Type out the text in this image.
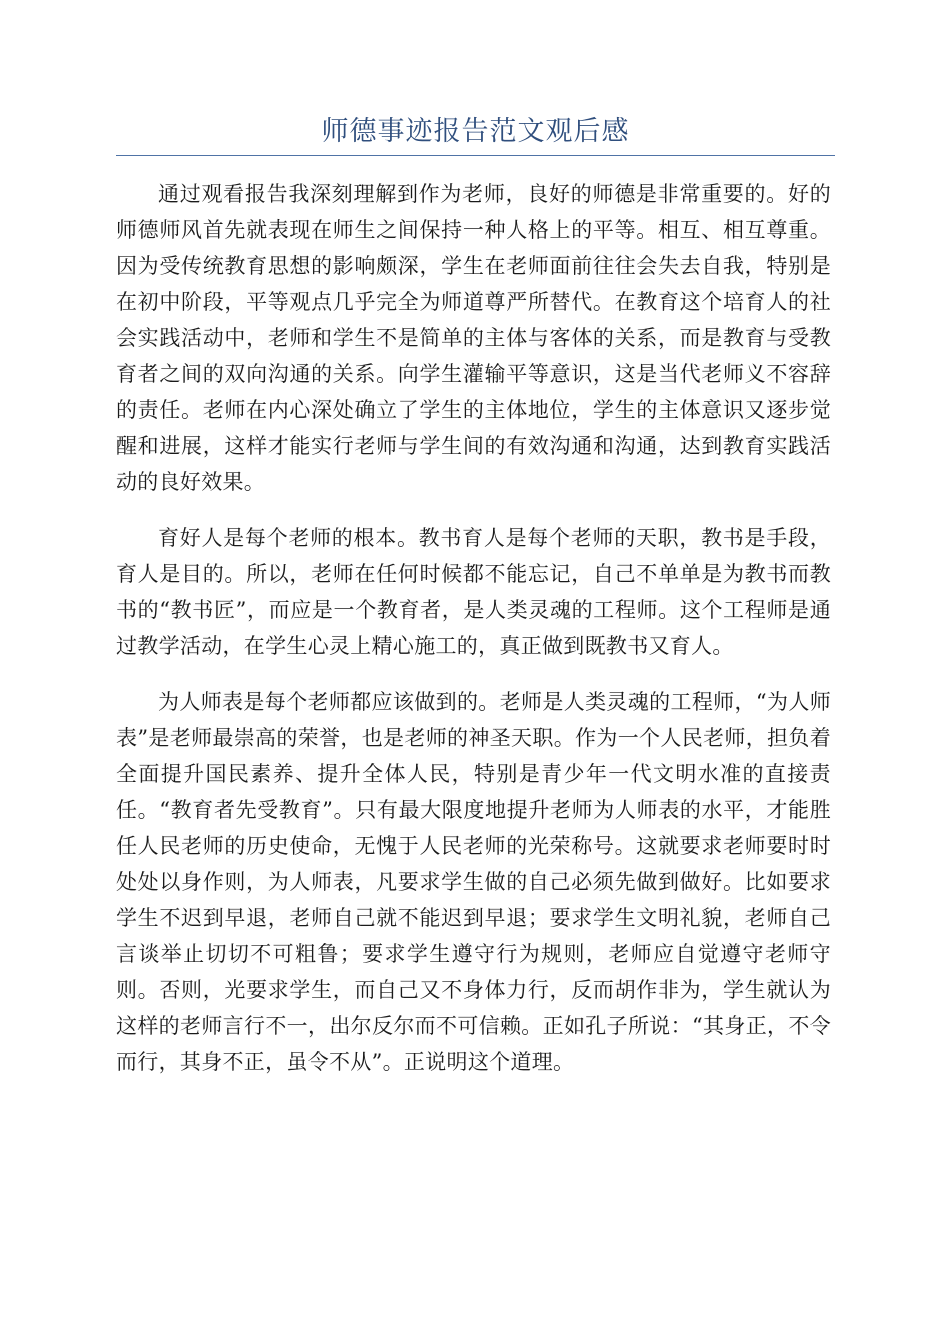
师德事迹报告范文观后感

通过观看报告我深刻理解到作为老师，良好的师德是非常重要的。好的师德师风首先就表现在师生之间保持一种人格上的平等。相互、相互尊重。因为受传统教育思想的影响颇深，学生在老师面前往往会失去自我，特别是在初中阶段，平等观点几乎完全为师道尊严所替代。在教育这个培育人的社会实践活动中，老师和学生不是简单的主体与客体的关系，而是教育与受教育者之间的双向沟通的关系。向学生灌输平等意识，这是当代老师义不容辞的责任。老师在内心深处确立了学生的主体地位，学生的主体意识又逐步觉醒和进展，这样才能实行老师与学生间的有效沟通和沟通，达到教育实践活动的良好效果。

育好人是每个老师的根本。教书育人是每个老师的天职，教书是手段，育人是目的。所以，老师在任何时候都不能忘记，自己不单单是为教书而教书的“教书匠”，而应是一个教育者，是人类灵魂的工程师。这个工程师是通过教学活动，在学生心灵上精心施工的，真正做到既教书又育人。

为人师表是每个老师都应该做到的。老师是人类灵魂的工程师，“为人师表”是老师最崇高的荣誉，也是老师的神圣天职。作为一个人民老师，担负着全面提升国民素养、提升全体人民，特别是青少年一代文明水准的直接责任。“教育者先受教育”。只有最大限度地提升老师为人师表的水平，才能胜任人民老师的历史使命，无愧于人民老师的光荣称号。这就要求老师要时时处处以身作则，为人师表，凡要求学生做的自己必须先做到做好。比如要求学生不迟到早退，老师自己就不能迟到早退；要求学生文明礼貌，老师自己言谈举止切切不可粗鲁；要求学生遵守行为规则，老师应自觉遵守老师守则。否则，光要求学生，而自己又不身体力行，反而胡作非为，学生就认为这样的老师言行不一，出尔反尔而不可信赖。正如孔子所说：“其身正，不令而行，其身不正，虽令不从”。正说明这个道理。
